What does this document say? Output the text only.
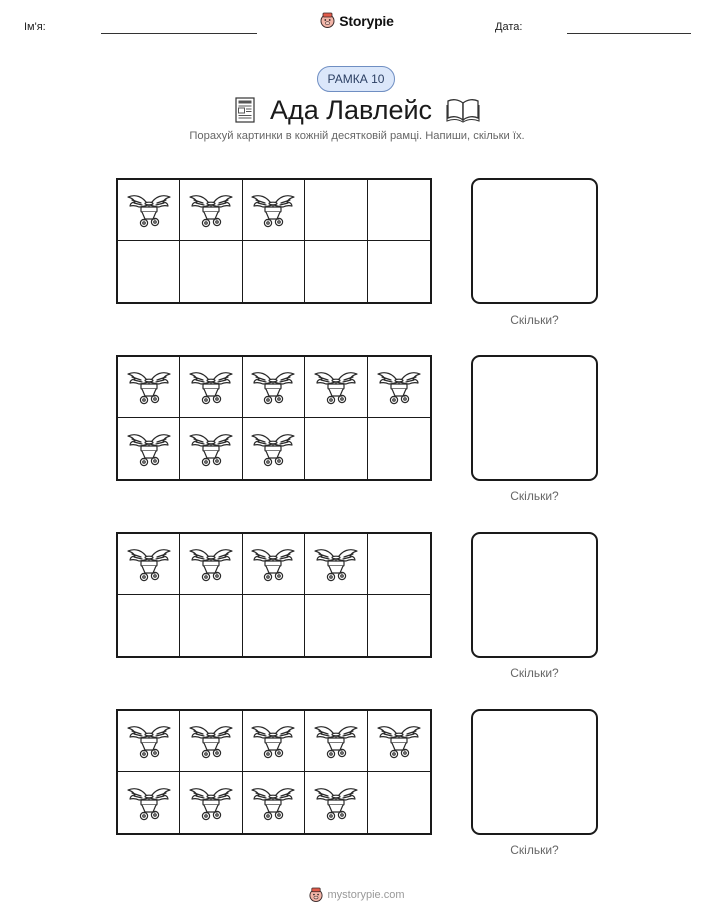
Ім'я:	Storypie	Дата:
РАМКА 10
Ада Лавлейс
Порахуй картинки в кожній десятковій рамці. Напиши, скільки їх.
Скільки?
Скільки?
Скільки?
Скільки?
mystorypie.com
